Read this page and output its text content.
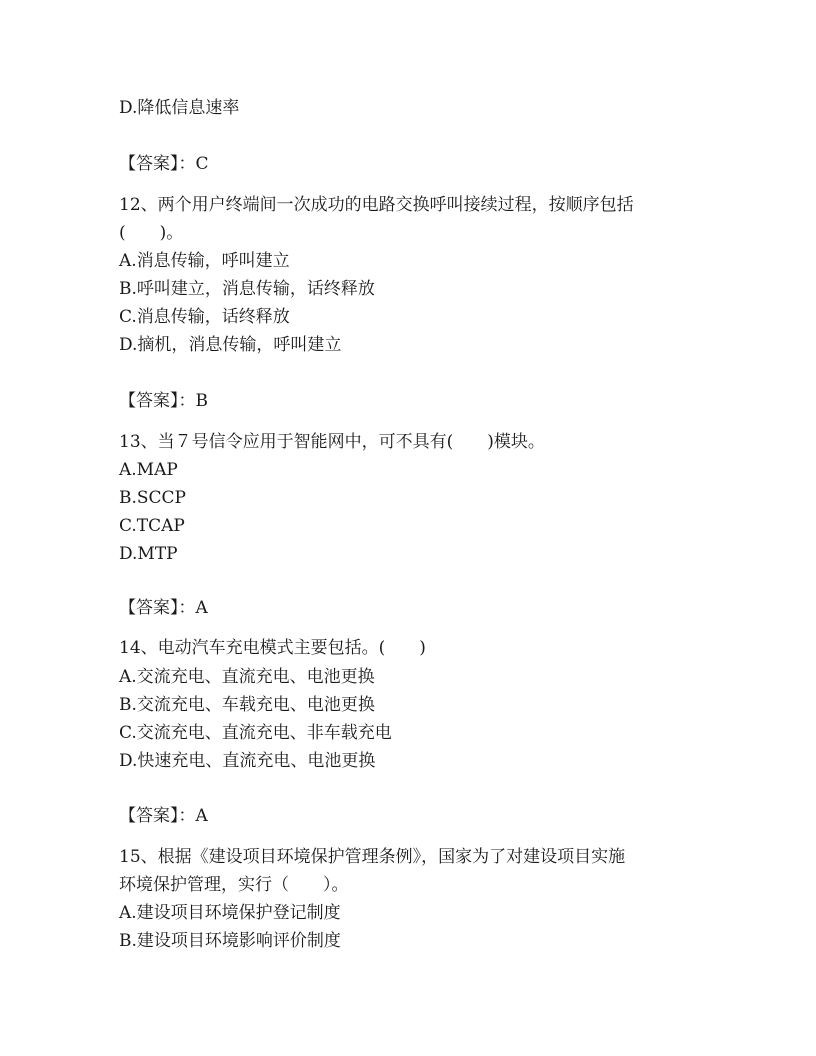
D.降低信息速率
【答案】：C
12、两个用户终端间一次成功的电路交换呼叫接续过程，按顺序包括
(　　)。
A.消息传输，呼叫建立
B.呼叫建立，消息传输，话终释放
C.消息传输，话终释放
D.摘机，消息传输，呼叫建立
【答案】：B
13、当７号信令应用于智能网中，可不具有(　　)模块。
A.MAP
B.SCCP
C.TCAP
D.MTP
【答案】：A
14、电动汽车充电模式主要包括。(　　)
A.交流充电、直流充电、电池更换
B.交流充电、车载充电、电池更换
C.交流充电、直流充电、非车载充电
D.快速充电、直流充电、电池更换
【答案】：A
15、根据《建设项目环境保护管理条例》，国家为了对建设项目实施
环境保护管理，实行（　　）。
A.建设项目环境保护登记制度
B.建设项目环境影响评价制度
